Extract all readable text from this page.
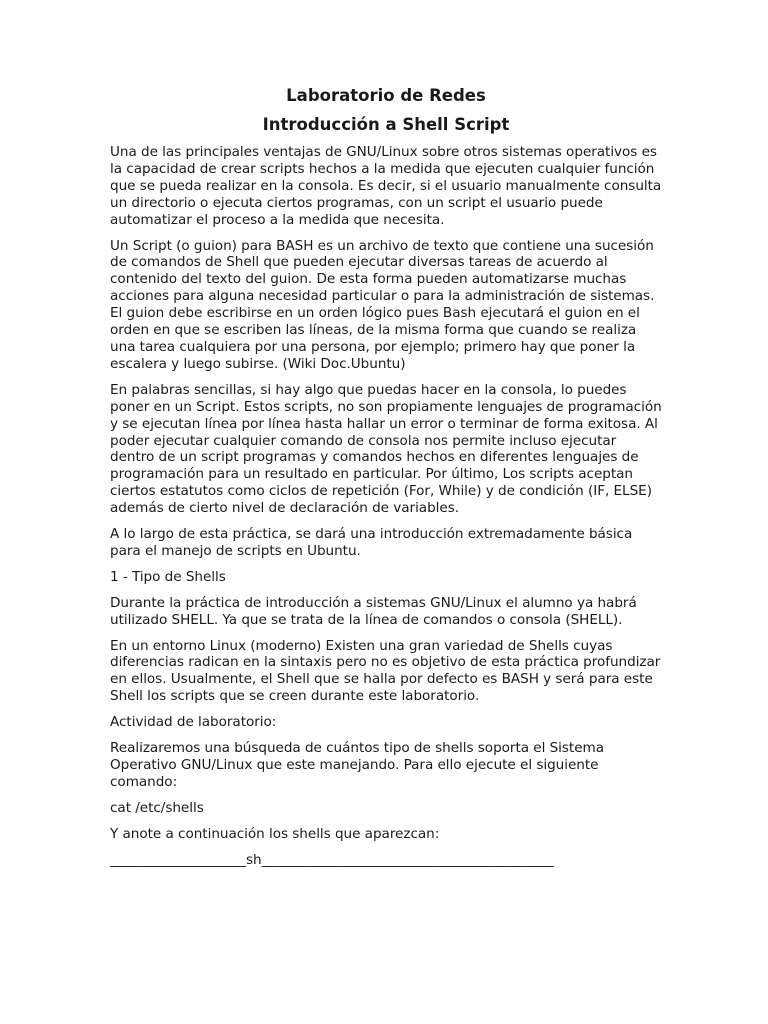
Laboratorio de Redes
Introducción a Shell Script

Una de las principales ventajas de GNU/Linux sobre otros sistemas operativos es la capacidad de crear scripts hechos a la medida que ejecuten cualquier función que se pueda realizar en la consola. Es decir, si el usuario manualmente consulta un directorio o ejecuta ciertos programas, con un script el usuario puede automatizar el proceso a la medida que necesita.

Un Script (o guion) para BASH es un archivo de texto que contiene una sucesión de comandos de Shell que pueden ejecutar diversas tareas de acuerdo al contenido del texto del guion. De esta forma pueden automatizarse muchas acciones para alguna necesidad particular o para la administración de sistemas. El guion debe escribirse en un orden lógico pues Bash ejecutará el guion en el orden en que se escriben las líneas, de la misma forma que cuando se realiza una tarea cualquiera por una persona, por ejemplo; primero hay que poner la escalera y luego subirse. (Wiki Doc.Ubuntu)

En palabras sencillas, si hay algo que puedas hacer en la consola, lo puedes poner en un Script. Estos scripts, no son propiamente lenguajes de programación y se ejecutan línea por línea hasta hallar un error o terminar de forma exitosa. Al poder ejecutar cualquier comando de consola nos permite incluso ejecutar dentro de un script programas y comandos hechos en diferentes lenguajes de programación para un resultado en particular. Por último, Los scripts aceptan ciertos estatutos como ciclos de repetición (For, While) y de condición (IF, ELSE) además de cierto nivel de declaración de variables.

A lo largo de esta práctica, se dará una introducción extremadamente básica para el manejo de scripts en Ubuntu.

1 - Tipo de Shells

Durante la práctica de introducción a sistemas GNU/Linux el alumno ya habrá utilizado SHELL. Ya que se trata de la línea de comandos o consola (SHELL).

En un entorno Linux (moderno) Existen una gran variedad de Shells cuyas diferencias radican en la sintaxis pero no es objetivo de esta práctica profundizar en ellos. Usualmente, el Shell que se halla por defecto es BASH y será para este Shell los scripts que se creen durante este laboratorio.

Actividad de laboratorio:

Realizaremos una búsqueda de cuántos tipo de shells soporta el Sistema Operativo GNU/Linux que este manejando. Para ello ejecute el siguiente comando:

cat /etc/shells

Y anote a continuación los shells que aparezcan:

____________________sh___________________________________________
